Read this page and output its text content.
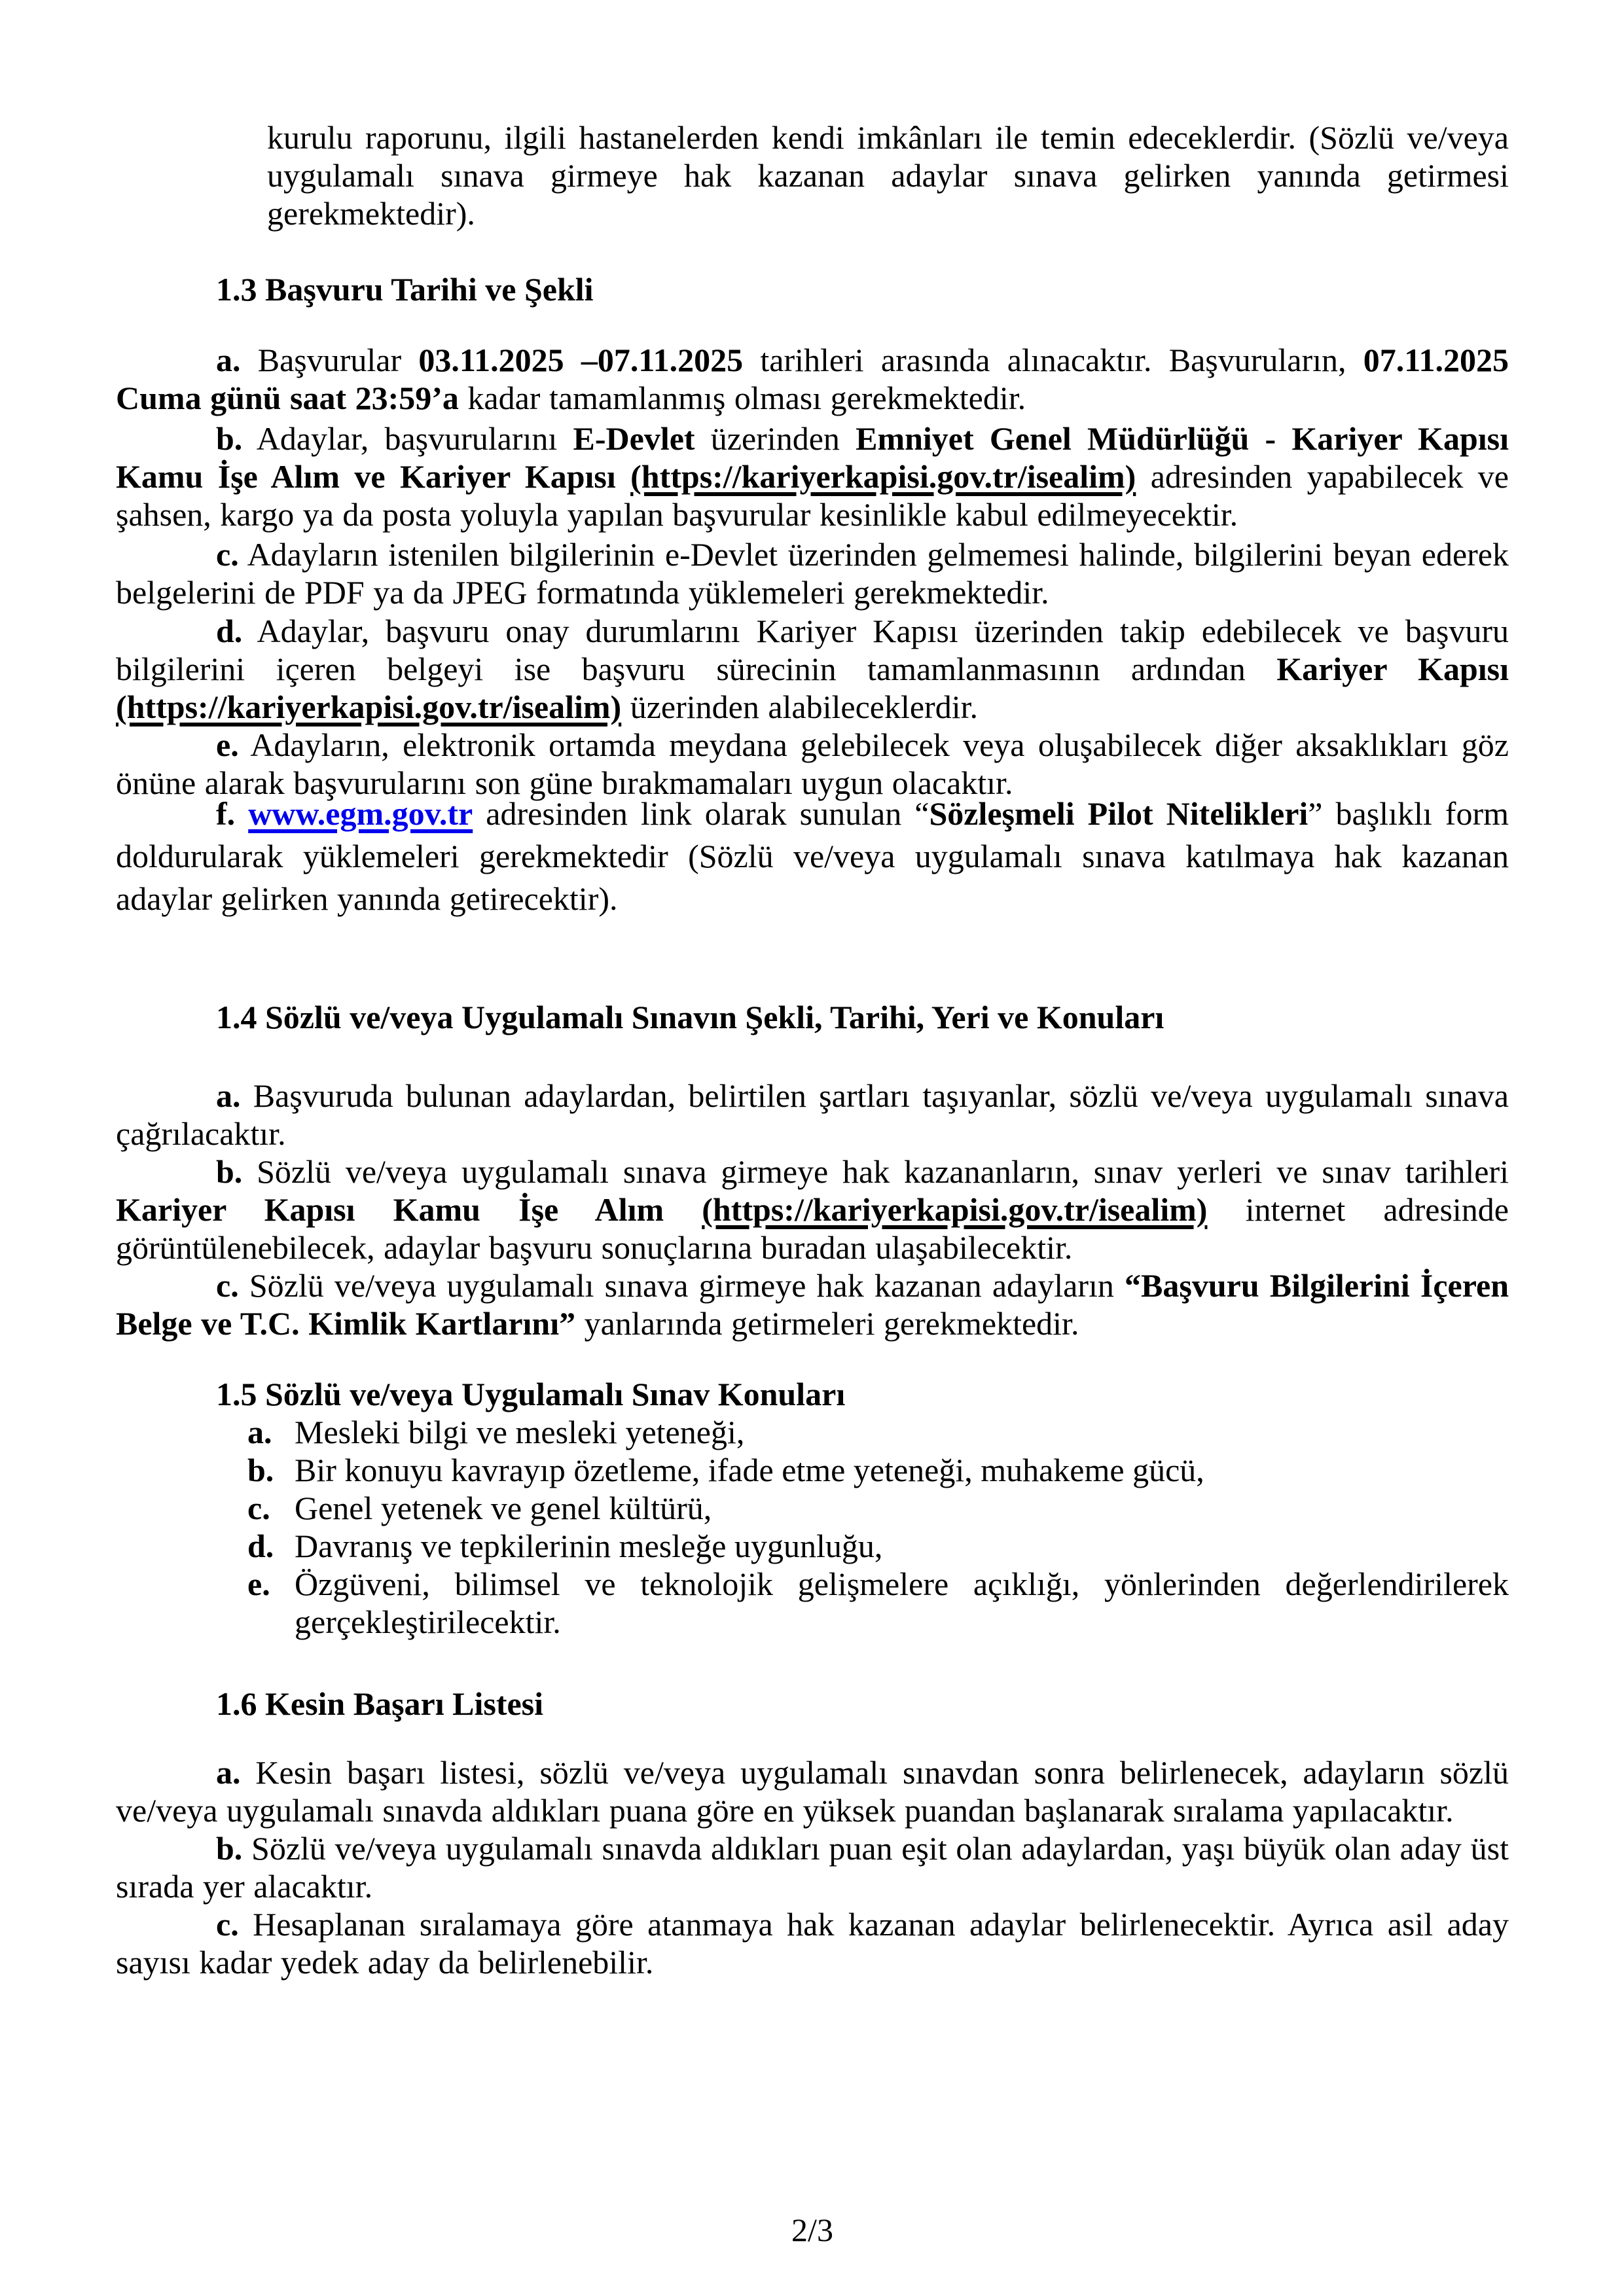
kurulu raporunu, ilgili hastanelerden kendi imkânları ile temin edeceklerdir. (Sözlü ve/veya uygulamalı sınava girmeye hak kazanan adaylar sınava gelirken yanında getirmesi gerekmektedir).
1.3 Başvuru Tarihi ve Şekli
a. Başvurular 03.11.2025 –07.11.2025 tarihleri arasında alınacaktır. Başvuruların, 07.11.2025 Cuma günü saat 23:59’a kadar tamamlanmış olması gerekmektedir.
b. Adaylar, başvurularını E-Devlet üzerinden Emniyet Genel Müdürlüğü - Kariyer Kapısı Kamu İşe Alım ve Kariyer Kapısı (https://kariyerkapisi.gov.tr/isealim) adresinden yapabilecek ve şahsen, kargo ya da posta yoluyla yapılan başvurular kesinlikle kabul edilmeyecektir.
c. Adayların istenilen bilgilerinin e-Devlet üzerinden gelmemesi halinde, bilgilerini beyan ederek belgelerini de PDF ya da JPEG formatında yüklemeleri gerekmektedir.
d. Adaylar, başvuru onay durumlarını Kariyer Kapısı üzerinden takip edebilecek ve başvuru bilgilerini içeren belgeyi ise başvuru sürecinin tamamlanmasının ardından Kariyer Kapısı (https://kariyerkapisi.gov.tr/isealim) üzerinden alabileceklerdir.
e. Adayların, elektronik ortamda meydana gelebilecek veya oluşabilecek diğer aksaklıkları göz önüne alarak başvurularını son güne bırakmamaları uygun olacaktır.
f. www.egm.gov.tr adresinden link olarak sunulan “Sözleşmeli Pilot Nitelikleri” başlıklı form doldurularak yüklemeleri gerekmektedir (Sözlü ve/veya uygulamalı sınava katılmaya hak kazanan adaylar gelirken yanında getirecektir).
1.4 Sözlü ve/veya Uygulamalı Sınavın Şekli, Tarihi, Yeri ve Konuları
a. Başvuruda bulunan adaylardan, belirtilen şartları taşıyanlar, sözlü ve/veya uygulamalı sınava çağrılacaktır.
b. Sözlü ve/veya uygulamalı sınava girmeye hak kazananların, sınav yerleri ve sınav tarihleri Kariyer Kapısı Kamu İşe Alım (https://kariyerkapisi.gov.tr/isealim) internet adresinde görüntülenebilecek, adaylar başvuru sonuçlarına buradan ulaşabilecektir.
c. Sözlü ve/veya uygulamalı sınava girmeye hak kazanan adayların “Başvuru Bilgilerini İçeren Belge ve T.C. Kimlik Kartlarını” yanlarında getirmeleri gerekmektedir.
1.5 Sözlü ve/veya Uygulamalı Sınav Konuları
a. Mesleki bilgi ve mesleki yeteneği,
b. Bir konuyu kavrayıp özetleme, ifade etme yeteneği, muhakeme gücü,
c. Genel yetenek ve genel kültürü,
d. Davranış ve tepkilerinin mesleğe uygunluğu,
e. Özgüveni, bilimsel ve teknolojik gelişmelere açıklığı, yönlerinden değerlendirilerek gerçekleştirilecektir.
1.6 Kesin Başarı Listesi
a. Kesin başarı listesi, sözlü ve/veya uygulamalı sınavdan sonra belirlenecek, adayların sözlü ve/veya uygulamalı sınavda aldıkları puana göre en yüksek puandan başlanarak sıralama yapılacaktır.
b. Sözlü ve/veya uygulamalı sınavda aldıkları puan eşit olan adaylardan, yaşı büyük olan aday üst sırada yer alacaktır.
c. Hesaplanan sıralamaya göre atanmaya hak kazanan adaylar belirlenecektir. Ayrıca asil aday sayısı kadar yedek aday da belirlenebilir.
2/3
